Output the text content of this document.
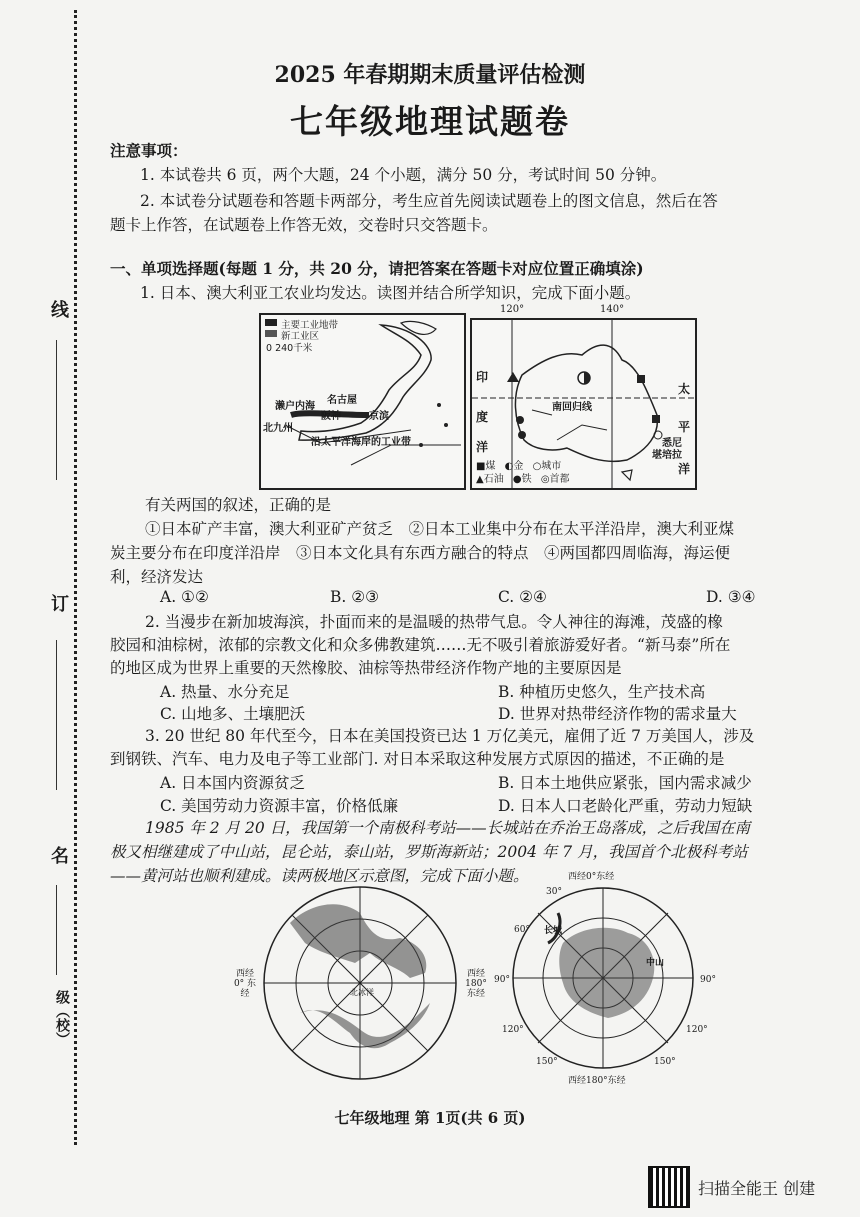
线
订
名
级（校）
2025 年春期期末质量评估检测
七年级地理试题卷
注意事项：
1. 本试卷共 6 页，两个大题，24 个小题，满分 50 分，考试时间 50 分钟。
2. 本试卷分试题卷和答题卡两部分，考生应首先阅读试题卷上的图文信息，然后在答
题卡上作答，在试题卷上作答无效，交卷时只交答题卡。
一、单项选择题(每题 1 分，共 20 分，请把答案在答题卡对应位置正确填涂)
1. 日本、澳大利亚工农业均发达。读图并结合所学知识，完成下面小题。
主要工业地带
新工业区
0 240千米
濑户内海
名古屋
阪神	京滨
北九州
沿太平洋海岸的工业带
120°	140°
印
度
洋
南回归线
太
平
洋
悉尼
堪培拉
■煤 ◐金 ○城市
▲石油 ●铁 ◎首都
有关两国的叙述，正确的是
①日本矿产丰富，澳大利亚矿产贫乏　②日本工业集中分布在太平洋沿岸，澳大利亚煤
炭主要分布在印度洋沿岸　③日本文化具有东西方融合的特点　④两国都四周临海，海运便
利，经济发达
A. ①②	B. ②③	C. ②④	D. ③④
2. 当漫步在新加坡海滨，扑面而来的是温暖的热带气息。令人神往的海滩，茂盛的橡
胶园和油棕树，浓郁的宗教文化和众多佛教建筑……无不吸引着旅游爱好者。“新马泰”所在
的地区成为世界上重要的天然橡胶、油棕等热带经济作物产地的主要原因是
A. 热量、水分充足	B. 种植历史悠久，生产技术高
C. 山地多、土壤肥沃	D. 世界对热带经济作物的需求量大
3. 20 世纪 80 年代至今，日本在美国投资已达 1 万亿美元，雇佣了近 7 万美国人，涉及
到钢铁、汽车、电力及电子等工业部门. 对日本采取这种发展方式原因的描述，不正确的是
A. 日本国内资源贫乏	B. 日本土地供应紧张，国内需求减少
C. 美国劳动力资源丰富，价格低廉	D. 日本人口老龄化严重，劳动力短缺
1985 年 2 月 20 日，我国第一个南极科考站——长城站在乔治王岛落成，之后我国在南
极又相继建成了中山站，昆仑站，泰山站，罗斯海新站；2004 年 7 月，我国首个北极科考站
——黄河站也顺利建成。读两极地区示意图，完成下面小题。
西经 0° 东经
西经 180° 东经
北冰洋
西经0°东经
30°
60°
90°	90°
120°	120°
150°	150°
长城
中山
西经180°东经
七年级地理 第 1页(共 6 页)
扫描全能王 创建
